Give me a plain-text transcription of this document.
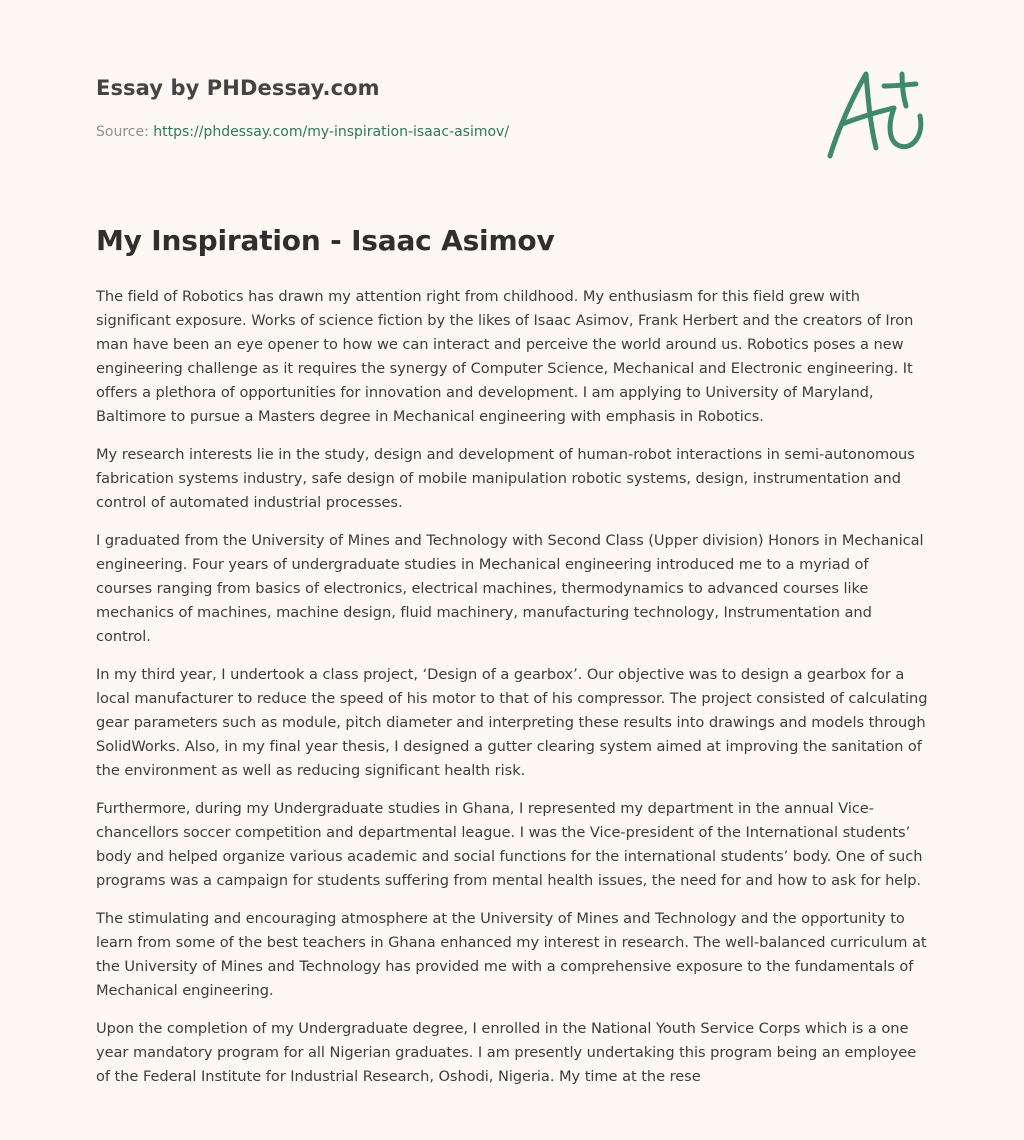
Essay by PHDessay.com
Source: https://phdessay.com/my-inspiration-isaac-asimov/
My Inspiration - Isaac Asimov

The field of Robotics has drawn my attention right from childhood. My enthusiasm for this field grew with significant exposure. Works of science fiction by the likes of Isaac Asimov, Frank Herbert and the creators of Iron man have been an eye opener to how we can interact and perceive the world around us. Robotics poses a new engineering challenge as it requires the synergy of Computer Science, Mechanical and Electronic engineering. It offers a plethora of opportunities for innovation and development. I am applying to University of Maryland, Baltimore to pursue a Masters degree in Mechanical engineering with emphasis in Robotics.

My research interests lie in the study, design and development of human-robot interactions in semi-autonomous fabrication systems industry, safe design of mobile manipulation robotic systems, design, instrumentation and control of automated industrial processes.

I graduated from the University of Mines and Technology with Second Class (Upper division) Honors in Mechanical engineering. Four years of undergraduate studies in Mechanical engineering introduced me to a myriad of courses ranging from basics of electronics, electrical machines, thermodynamics to advanced courses like mechanics of machines, machine design, fluid machinery, manufacturing technology, Instrumentation and control.

In my third year, I undertook a class project, ‘Design of a gearbox’. Our objective was to design a gearbox for a local manufacturer to reduce the speed of his motor to that of his compressor. The project consisted of calculating gear parameters such as module, pitch diameter and interpreting these results into drawings and models through SolidWorks. Also, in my final year thesis, I designed a gutter clearing system aimed at improving the sanitation of the environment as well as reducing significant health risk.

Furthermore, during my Undergraduate studies in Ghana, I represented my department in the annual Vice-chancellors soccer competition and departmental league. I was the Vice-president of the International students’ body and helped organize various academic and social functions for the international students’ body. One of such programs was a campaign for students suffering from mental health issues, the need for and how to ask for help.

The stimulating and encouraging atmosphere at the University of Mines and Technology and the opportunity to learn from some of the best teachers in Ghana enhanced my interest in research. The well-balanced curriculum at the University of Mines and Technology has provided me with a comprehensive exposure to the fundamentals of Mechanical engineering.

Upon the completion of my Undergraduate degree, I enrolled in the National Youth Service Corps which is a one year mandatory program for all Nigerian graduates. I am presently undertaking this program being an employee of the Federal Institute for Industrial Research, Oshodi, Nigeria. My time at the rese
